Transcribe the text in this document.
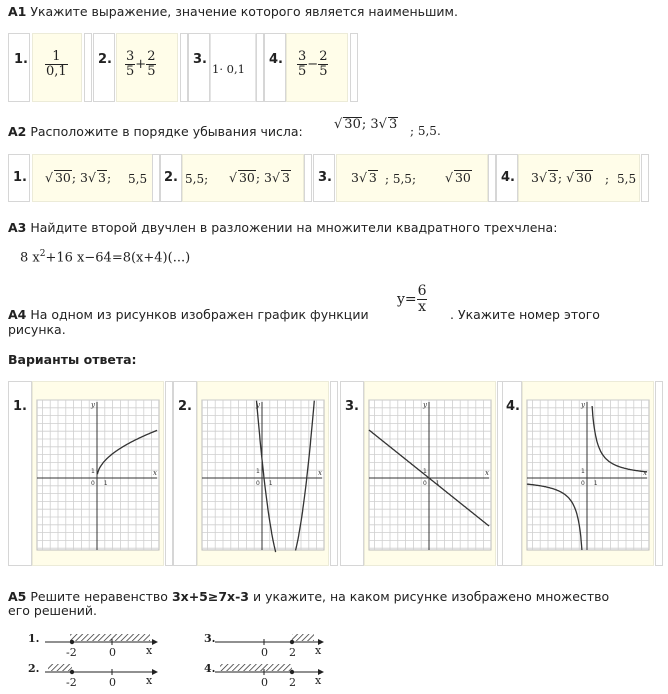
A1 Укажите выражение, значение которого является наименьшим.
1. $\frac{1}{0,1} 2$. $\frac{3}{5} + \frac{2}{5}$	3.
1· 0,1
4. $\frac{3}{5} - \frac{2}{5}$
A2 Расположите в порядке убывания числа: √ 30; 3√ 3 ; 5,5.
1. √ 30; 3√ 3; 5,5 2. 5,5; √ 30; 3√ 3 3. 3√ 3 ; 5,5; √ 30 4. 3√ 3; √ 30 ; 5,5
A3 Найдите второй двучлен в разложении на множители квадратного трехчлена:
8 $x^2+16$ x−64=8(x+4)(...)
A4 На одном из рисунков изображен график функции
$y= \frac{6}{x}$ . Укажите номер этого
рисунка.
Варианты ответа:
1.	y
x
0
1
1
2.	y
x
0
1
1
3.	y
x
0
1
1
4.	y
x
0
1
1
A5 Решите неравенство 3x+5≥7x-3 и укажите, на каком рисунке изображено множество
его решений.
1.
-2	0	x
2.
-2	0	x
3.
0 2 x
4.
0 2 x
